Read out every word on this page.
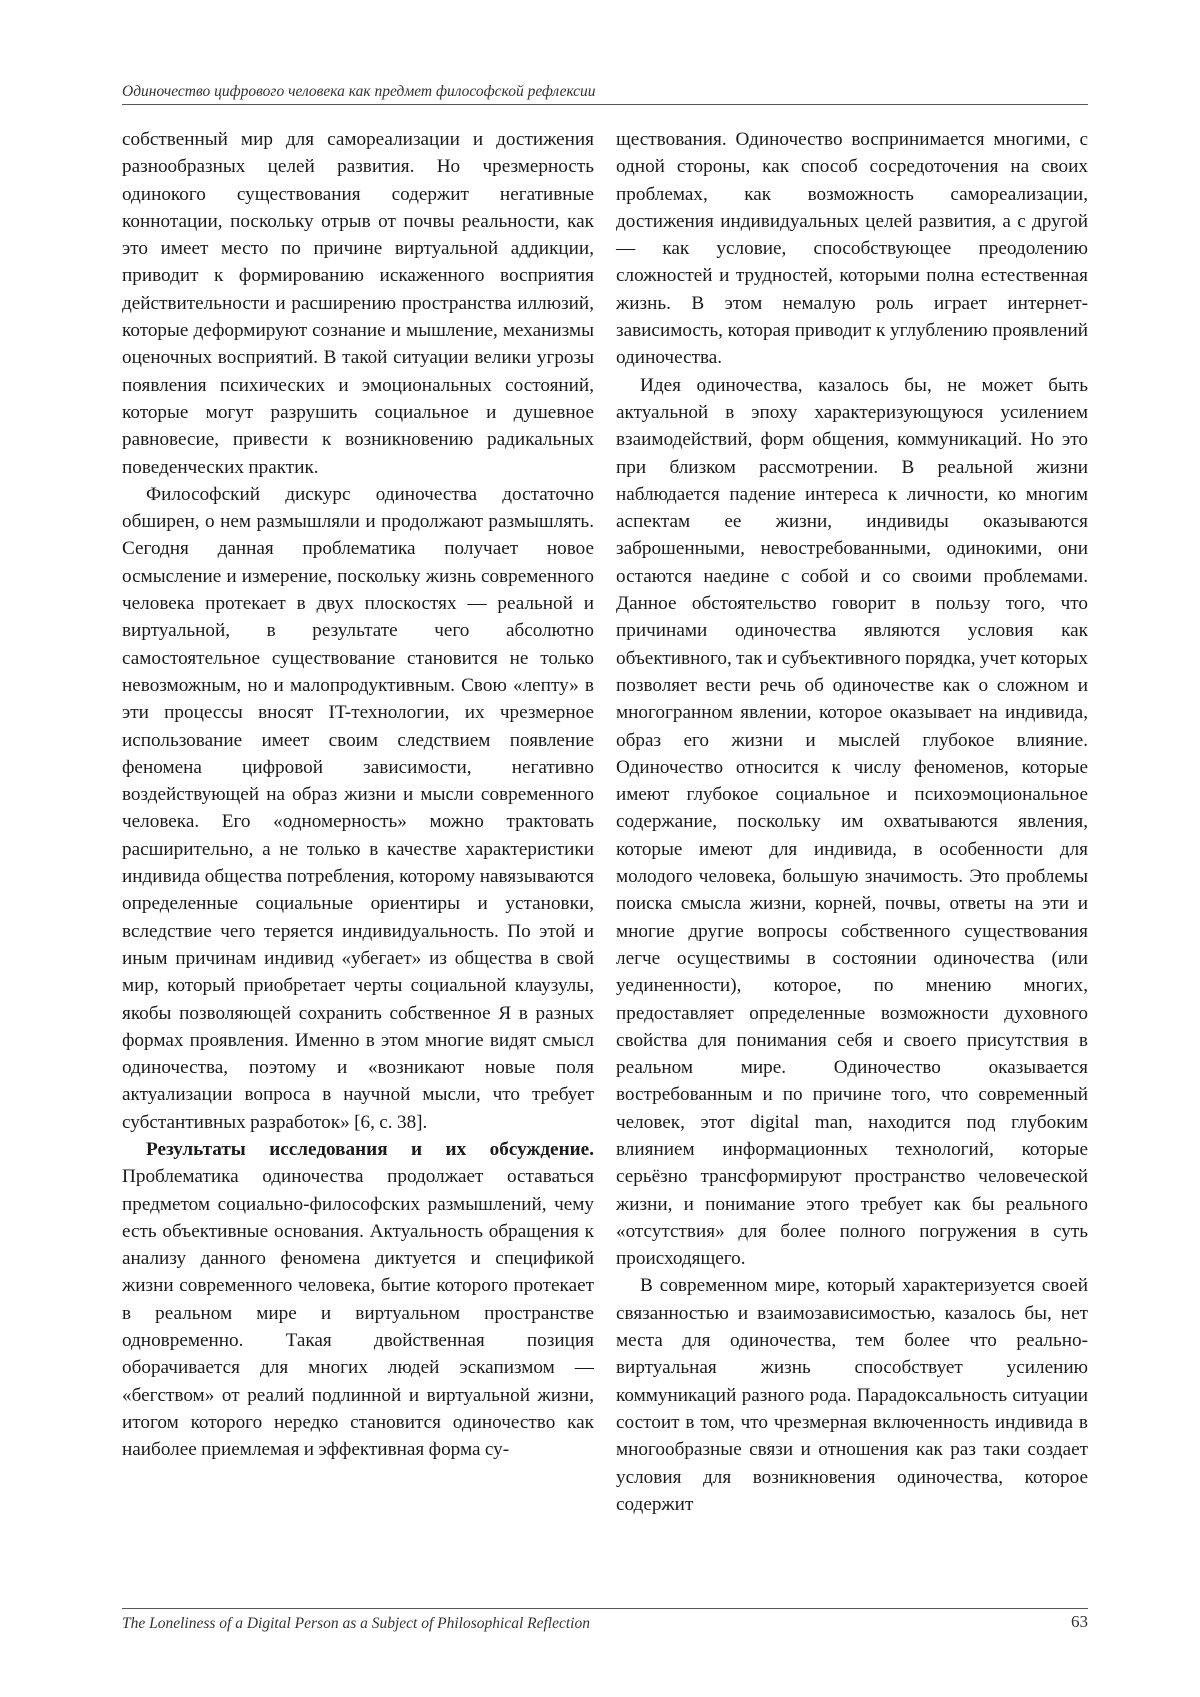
Одиночество цифрового человека как предмет философской рефлексии

собственный мир для самореализации и достижения разнообразных целей развития. Но чрезмерность одинокого существования содержит негативные коннотации, поскольку отрыв от почвы реальности, как это имеет место по причине виртуальной аддикции, приводит к формированию искаженного восприятия действительности и расширению пространства иллюзий, которые деформируют сознание и мышление, механизмы оценочных восприятий. В такой ситуации велики угрозы появления психических и эмоциональных состояний, которые могут разрушить социальное и душевное равновесие, привести к возникновению радикальных поведенческих практик.

Философский дискурс одиночества достаточно обширен, о нем размышляли и продолжают размышлять. Сегодня данная проблематика получает новое осмысление и измерение, поскольку жизнь современного человека протекает в двух плоскостях — реальной и виртуальной, в результате чего абсолютно самостоятельное существование становится не только невозможным, но и малопродуктивным. Свою «лепту» в эти процессы вносят IT-технологии, их чрезмерное использование имеет своим следствием появление феномена цифровой зависимости, негативно воздействующей на образ жизни и мысли современного человека. Его «одномерность» можно трактовать расширительно, а не только в качестве характеристики индивида общества потребления, которому навязываются определенные социальные ориентиры и установки, вследствие чего теряется индивидуальность. По этой и иным причинам индивид «убегает» из общества в свой мир, который приобретает черты социальной клаузулы, якобы позволяющей сохранить собственное Я в разных формах проявления. Именно в этом многие видят смысл одиночества, поэтому и «возникают новые поля актуализации вопроса в научной мысли, что требует субстантивных разработок» [6, с. 38].

Результаты исследования и их обсуждение. Проблематика одиночества продолжает оставаться предметом социально-философских размышлений, чему есть объективные основания. Актуальность обращения к анализу данного феномена диктуется и спецификой жизни современного человека, бытие которого протекает в реальном мире и виртуальном пространстве одновременно. Такая двойственная позиция оборачивается для многих людей эскапизмом — «бегством» от реалий подлинной и виртуальной жизни, итогом которого нередко становится одиночество как наиболее приемлемая и эффективная форма су-

ществования. Одиночество воспринимается многими, с одной стороны, как способ сосредоточения на своих проблемах, как возможность самореализации, достижения индивидуальных целей развития, а с другой — как условие, способствующее преодолению сложностей и трудностей, которыми полна естественная жизнь. В этом немалую роль играет интернет-зависимость, которая приводит к углублению проявлений одиночества.

Идея одиночества, казалось бы, не может быть актуальной в эпоху характеризующуюся усилением взаимодействий, форм общения, коммуникаций. Но это при близком рассмотрении. В реальной жизни наблюдается падение интереса к личности, ко многим аспектам ее жизни, индивиды оказываются заброшенными, невостребованными, одинокими, они остаются наедине с собой и со своими проблемами. Данное обстоятельство говорит в пользу того, что причинами одиночества являются условия как объективного, так и субъективного порядка, учет которых позволяет вести речь об одиночестве как о сложном и многогранном явлении, которое оказывает на индивида, образ его жизни и мыслей глубокое влияние. Одиночество относится к числу феноменов, которые имеют глубокое социальное и психоэмоциональное содержание, поскольку им охватываются явления, которые имеют для индивида, в особенности для молодого человека, большую значимость. Это проблемы поиска смысла жизни, корней, почвы, ответы на эти и многие другие вопросы собственного существования легче осуществимы в состоянии одиночества (или уединенности), которое, по мнению многих, предоставляет определенные возможности духовного свойства для понимания себя и своего присутствия в реальном мире. Одиночество оказывается востребованным и по причине того, что современный человек, этот digital man, находится под глубоким влиянием информационных технологий, которые серьёзно трансформируют пространство человеческой жизни, и понимание этого требует как бы реального «отсутствия» для более полного погружения в суть происходящего.

В современном мире, который характеризуется своей связанностью и взаимозависимостью, казалось бы, нет места для одиночества, тем более что реально-виртуальная жизнь способствует усилению коммуникаций разного рода. Парадоксальность ситуации состоит в том, что чрезмерная включенность индивида в многообразные связи и отношения как раз таки создает условия для возникновения одиночества, которое содержит

The Loneliness of a Digital Person as a Subject of Philosophical Reflection	63
